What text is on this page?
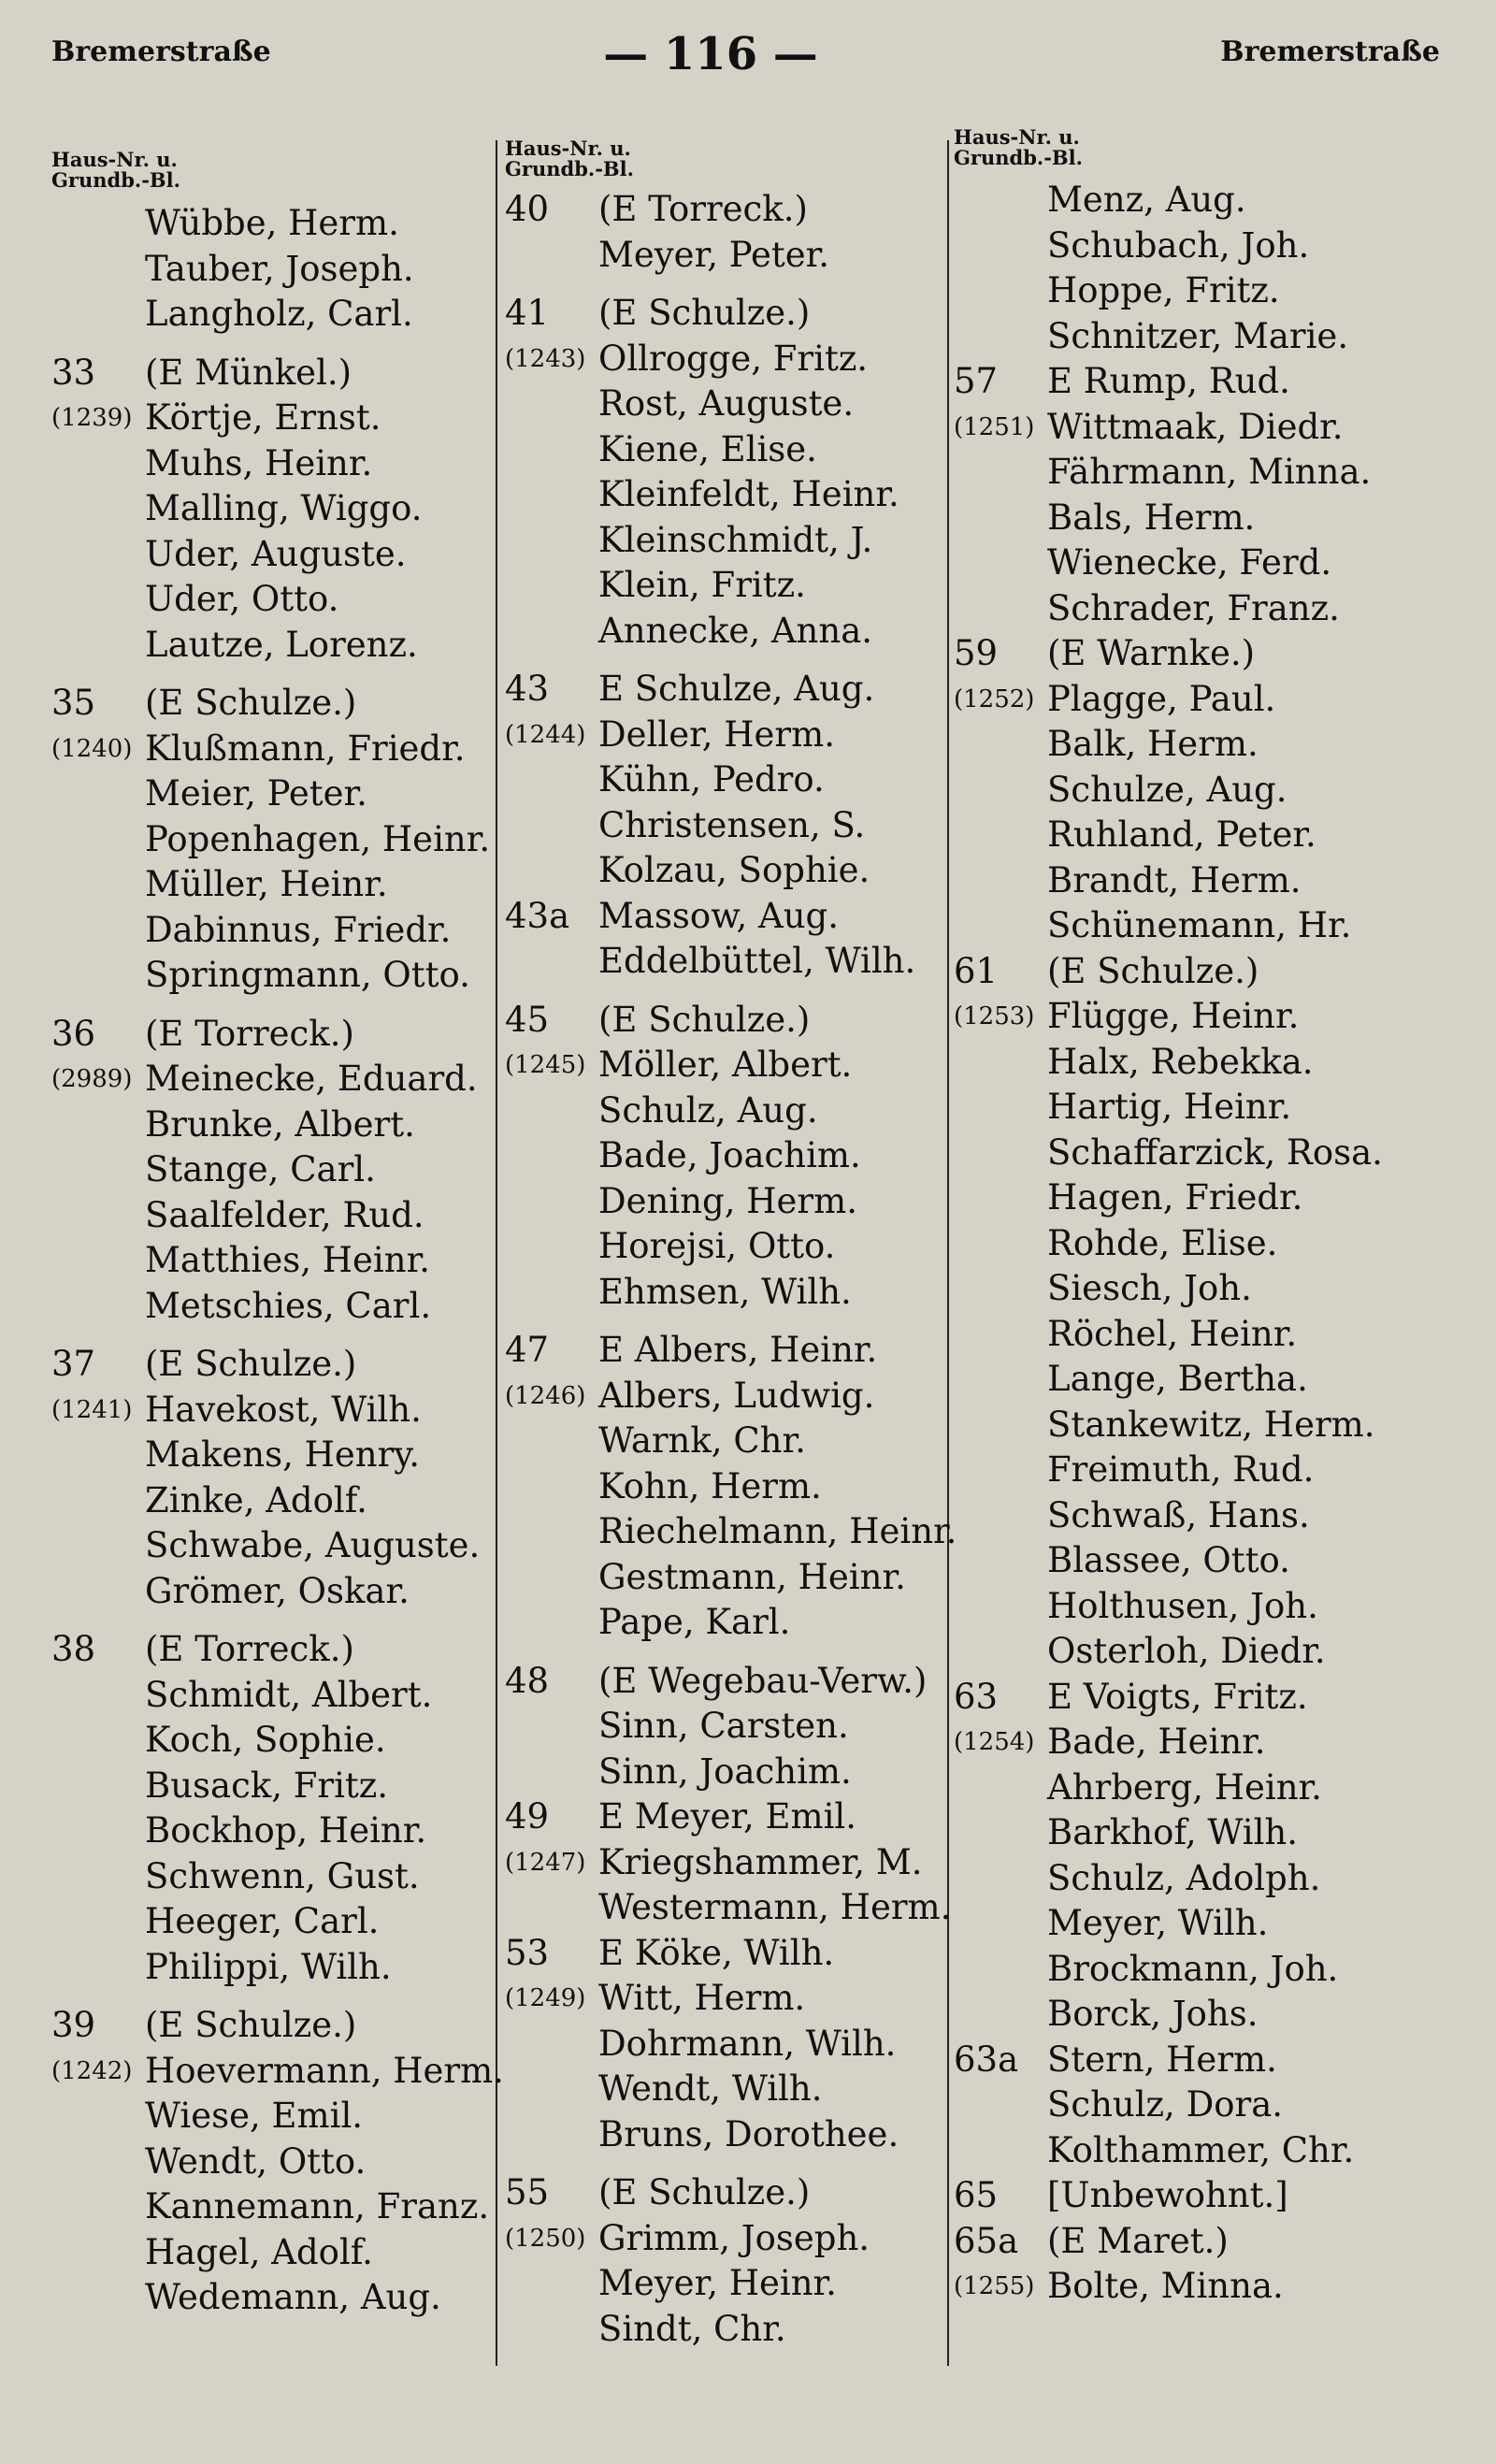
Bremerstraße	— 116 —	Bremerstraße
Haus-Nr. u.
Grundb.-Bl.
Wübbe, Herm.
Tauber, Joseph.
Langholz, Carl.
33	(E Münkel.)
(1239) Körtje, Ernst.
Muhs, Heinr.
Malling, Wiggo.
Uder, Auguste.
Uder, Otto.
Lautze, Lorenz.
35	(E Schulze.)
(1240) Klußmann, Friedr.
Meier, Peter.
Popenhagen, Heinr.
Müller, Heinr.
Dabinnus, Friedr.
Springmann, Otto.
36	(E Torreck.)
(2989) Meinecke, Eduard.
Brunke, Albert.
Stange, Carl.
Saalfelder, Rud.
Matthies, Heinr.
Metschies, Carl.
37	(E Schulze.)
(1241) Havekost, Wilh.
Makens, Henry.
Zinke, Adolf.
Schwabe, Auguste.
Grömer, Oskar.
38	(E Torreck.)
Schmidt, Albert.
Koch, Sophie.
Busack, Fritz.
Bockhop, Heinr.
Schwenn, Gust.
Heeger, Carl.
Philippi, Wilh.
39	(E Schulze.)
(1242) Hoevermann, Herm.
Wiese, Emil.
Wendt, Otto.
Kannemann, Franz.
Hagel, Adolf.
Wedemann, Aug.
Haus-Nr. u.
Grundb.-Bl.
40	(E Torreck.)
Meyer, Peter.
41	(E Schulze.)
(1243) Ollrogge, Fritz.
Rost, Auguste.
Kiene, Elise.
Kleinfeldt, Heinr.
Kleinschmidt, J.
Klein, Fritz.
Annecke, Anna.
43	E Schulze, Aug.
(1244) Deller, Herm.
Kühn, Pedro.
Christensen, S.
Kolzau, Sophie.
43a Massow, Aug.
Eddelbüttel, Wilh.
45	(E Schulze.)
(1245) Möller, Albert.
Schulz, Aug.
Bade, Joachim.
Dening, Herm.
Horejsi, Otto.
Ehmsen, Wilh.
47	E Albers, Heinr.
(1246) Albers, Ludwig.
Warnk, Chr.
Kohn, Herm.
Riechelmann, Heinr.
Gestmann, Heinr.
Pape, Karl.
48	(E Wegebau-Verw.)
Sinn, Carsten.
Sinn, Joachim.
49	E Meyer, Emil.
(1247) Kriegshammer, M.
Westermann, Herm.
53	E Köke, Wilh.
(1249) Witt, Herm.
Dohrmann, Wilh.
Wendt, Wilh.
Bruns, Dorothee.
55	(E Schulze.)
(1250) Grimm, Joseph.
Meyer, Heinr.
Sindt, Chr.
Haus-Nr. u.
Grundb.-Bl.
Menz, Aug.
Schubach, Joh.
Hoppe, Fritz.
Schnitzer, Marie.
57	E Rump, Rud.
(1251) Wittmaak, Diedr.
Fährmann, Minna.
Bals, Herm.
Wienecke, Ferd.
Schrader, Franz.
59	(E Warnke.)
(1252) Plagge, Paul.
Balk, Herm.
Schulze, Aug.
Ruhland, Peter.
Brandt, Herm.
Schünemann, Hr.
61	(E Schulze.)
(1253) Flügge, Heinr.
Halx, Rebekka.
Hartig, Heinr.
Schaffarzick, Rosa.
Hagen, Friedr.
Rohde, Elise.
Siesch, Joh.
Röchel, Heinr.
Lange, Bertha.
Stankewitz, Herm.
Freimuth, Rud.
Schwaß, Hans.
Blassee, Otto.
Holthusen, Joh.
Osterloh, Diedr.
63	E Voigts, Fritz.
(1254) Bade, Heinr.
Ahrberg, Heinr.
Barkhof, Wilh.
Schulz, Adolph.
Meyer, Wilh.
Brockmann, Joh.
Borck, Johs.
63a Stern, Herm.
Schulz, Dora.
Kolthammer, Chr.
65	[Unbewohnt.]
65a (E Maret.)
(1255) Bolte, Minna.
